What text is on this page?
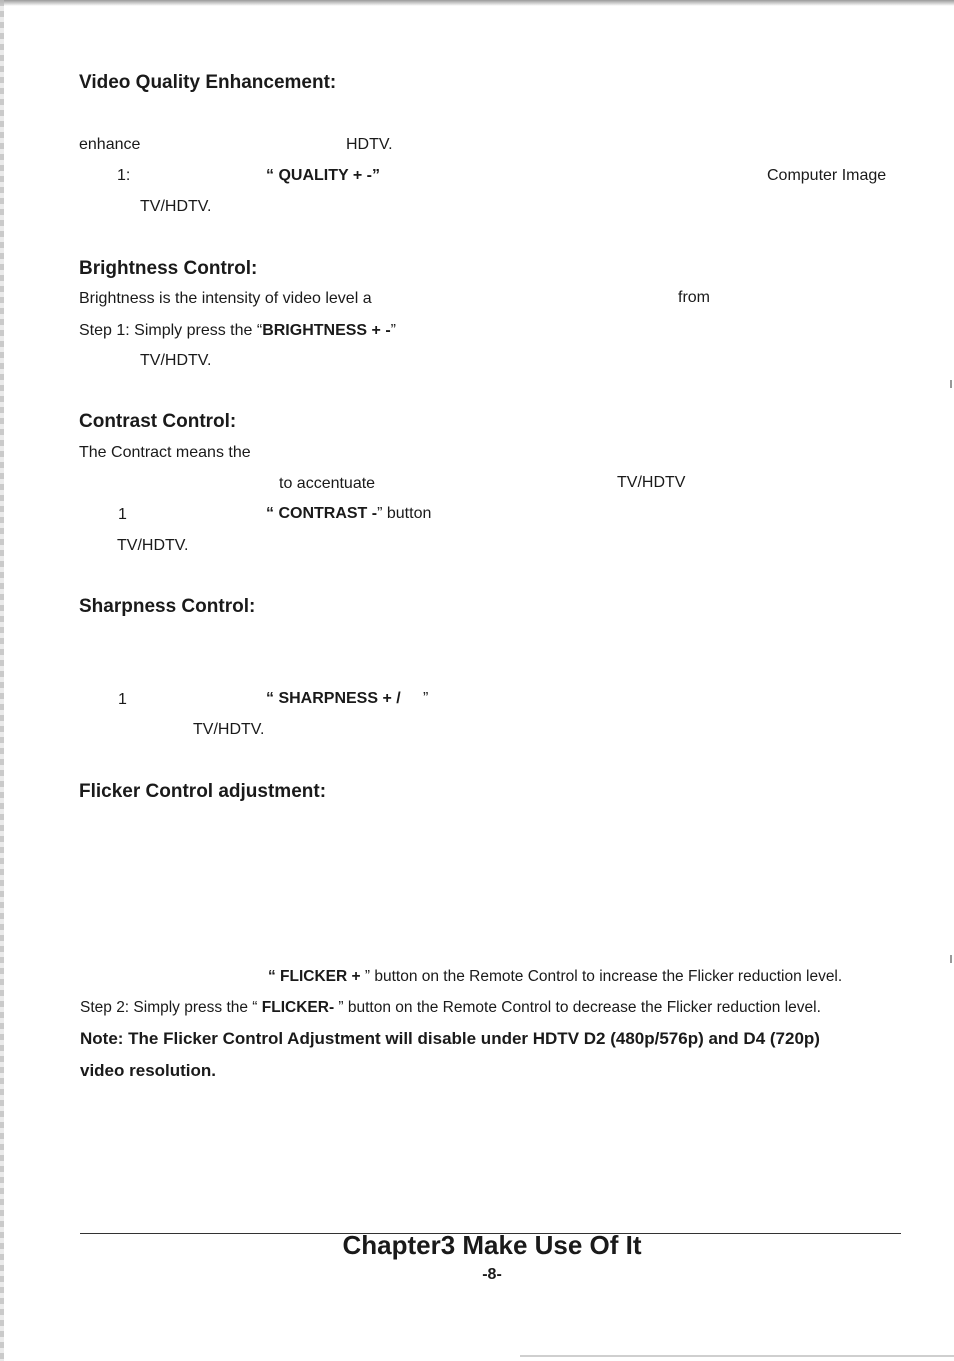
Video Quality Enhancement:
enhance	HDTV.
1:	“ QUALITY + -”	Computer Image
TV/HDTV.
Brightness Control:
Brightness is the intensity of video level a	from
Step 1: Simply press the “BRIGHTNESS + -”
TV/HDTV.
Contrast Control:
The Contract means the
to accentuate	TV/HDTV
1	“ CONTRAST -” button
TV/HDTV.
Sharpness Control:
1	“ SHARPNESS + / ”
TV/HDTV.
Flicker Control adjustment:
“ FLICKER + ” button on the Remote Control to increase the Flicker reduction level.
Step 2: Simply press the “ FLICKER- ” button on the Remote Control to decrease the Flicker reduction level.
Note: The Flicker Control Adjustment will disable under HDTV D2 (480p/576p) and D4 (720p)
video resolution.
Chapter3 Make Use Of It
-8-
